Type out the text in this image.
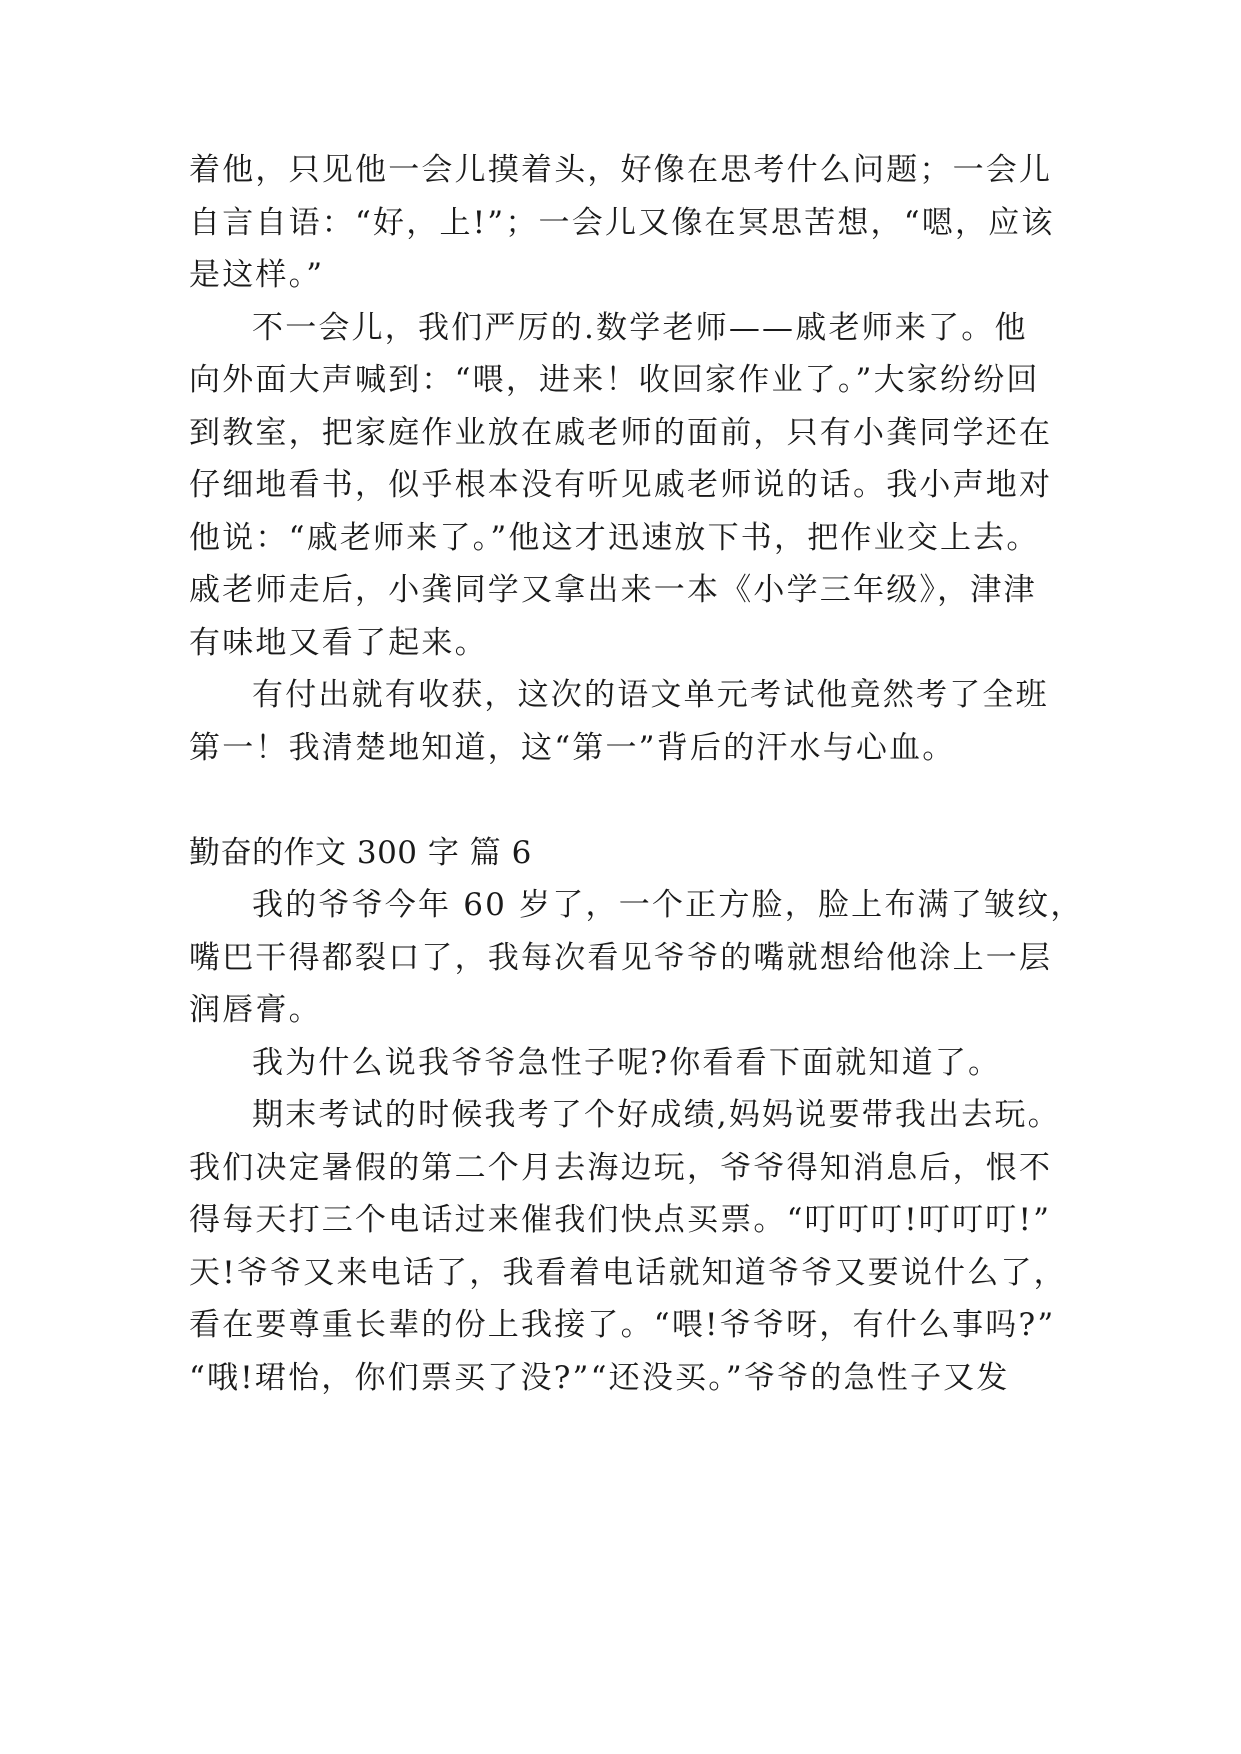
着他，只见他一会儿摸着头，好像在思考什么问题；一会儿
自言自语：“好，上!”；一会儿又像在冥思苦想，“嗯，应该
是这样。”
不一会儿，我们严厉的.数学老师——戚老师来了。他
向外面大声喊到：“喂，进来！收回家作业了。”大家纷纷回
到教室，把家庭作业放在戚老师的面前，只有小龚同学还在
仔细地看书，似乎根本没有听见戚老师说的话。我小声地对
他说：“戚老师来了。”他这才迅速放下书，把作业交上去。
戚老师走后，小龚同学又拿出来一本《小学三年级》，津津
有味地又看了起来。
有付出就有收获，这次的语文单元考试他竟然考了全班
第一！我清楚地知道，这“第一”背后的汗水与心血。
勤奋的作文 300 字 篇 6
我的爷爷今年 60 岁了，一个正方脸，脸上布满了皱纹，
嘴巴干得都裂口了，我每次看见爷爷的嘴就想给他涂上一层
润唇膏。
我为什么说我爷爷急性子呢?你看看下面就知道了。
期末考试的时候我考了个好成绩,妈妈说要带我出去玩。
我们决定暑假的第二个月去海边玩，爷爷得知消息后，恨不
得每天打三个电话过来催我们快点买票。“叮叮叮!叮叮叮!”
天!爷爷又来电话了，我看着电话就知道爷爷又要说什么了，
看在要尊重长辈的份上我接了。“喂!爷爷呀，有什么事吗?”
“哦!珺怡，你们票买了没?”“还没买。”爷爷的急性子又发
